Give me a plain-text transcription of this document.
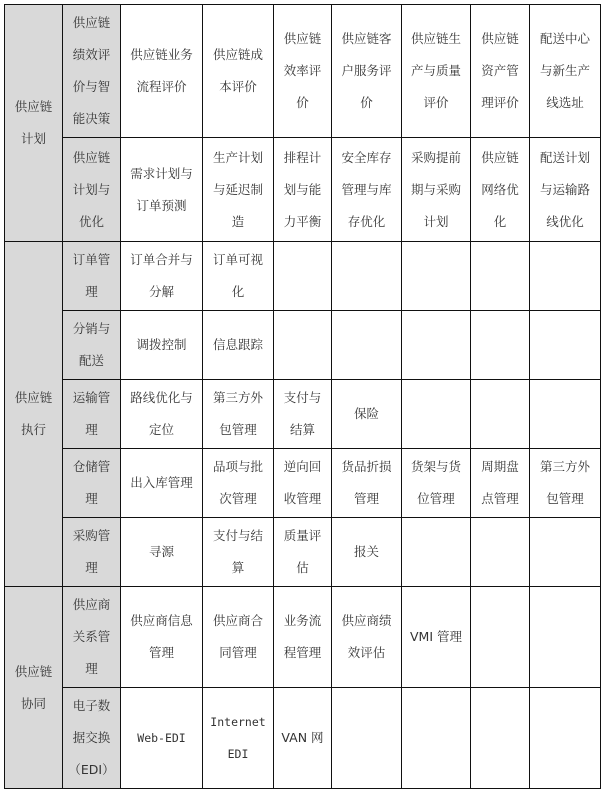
供应链计划	供应链绩效评价与智能决策	供应链业务流程评价	供应链成本评价	供应链效率评价	供应链客户服务评价	供应链生产与质量评价	供应链资产管理评价	配送中心与新生产线选址
	供应链计划与优化	需求计划与订单预测	生产计划与延迟制造	排程计划与能力平衡	安全库存管理与库存优化	采购提前期与采购计划	供应链网络优化	配送计划与运输路线优化
供应链执行	订单管理	订单合并与分解	订单可视化					
	分销与配送	调拨控制	信息跟踪					
	运输管理	路线优化与定位	第三方外包管理	支付与结算	保险			
	仓储管理	出入库管理	品项与批次管理	逆向回收管理	货品折损管理	货架与货位管理	周期盘点管理	第三方外包管理
	采购管理	寻源	支付与结算	质量评估	报关			
供应链协同	供应商关系管理	供应商信息管理	供应商合同管理	业务流程管理	供应商绩效评估	VMI 管理		
	电子数据交换（EDI）	Web-EDI	Internet EDI	VAN 网				
